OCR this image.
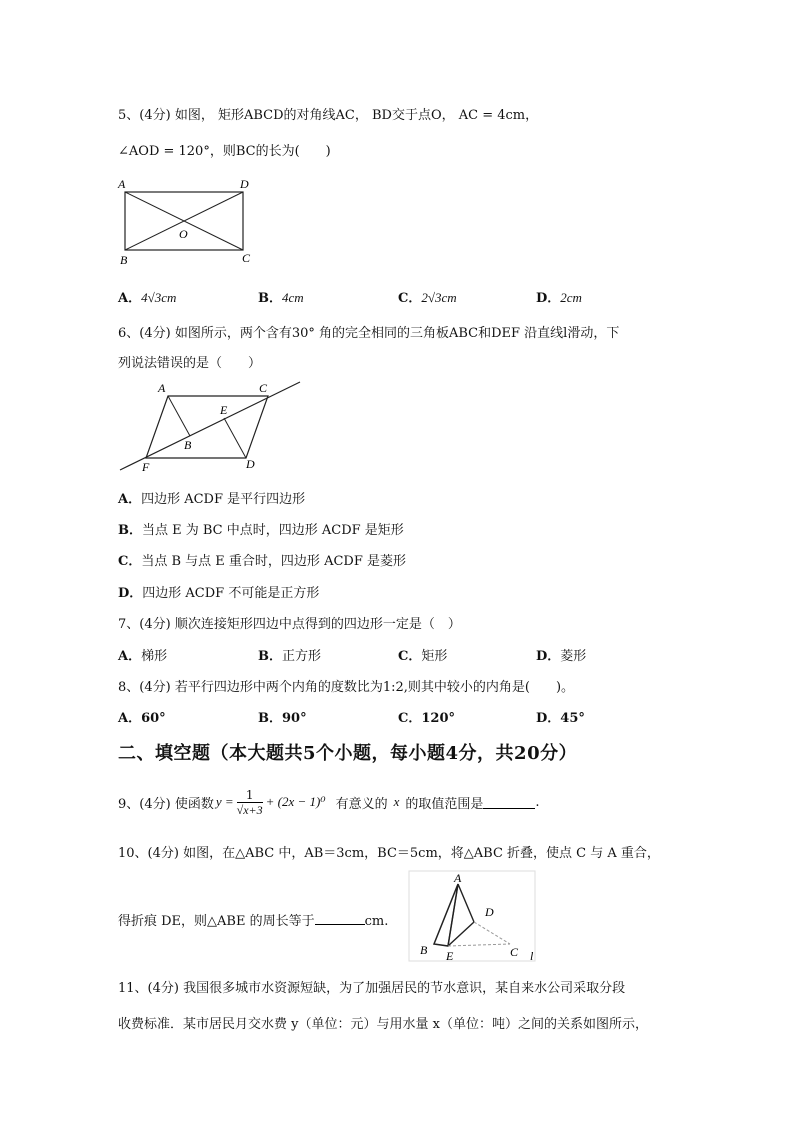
5、(4分) 如图， 矩形ABCD的对角线AC， BD交于点O， AC = 4cm，
∠AOD = 120°，则BC的长为(　　)
A	D
B	C
O
A．4√3cm	B．4cm	C．2√3cm	D．2cm
6、(4分) 如图所示，两个含有30° 角的完全相同的三角板ABC和DEF 沿直线l滑动，下
列说法错误的是（　　）
A	C
E
B
F	D
A．四边形 ACDF 是平行四边形
B．当点 E 为 BC 中点时，四边形 ACDF 是矩形
C．当点 B 与点 E 重合时，四边形 ACDF 是菱形
D．四边形 ACDF 不可能是正方形
7、(4分) 顺次连接矩形四边中点得到的四边形一定是（　）
A．梯形	B．正方形	C．矩形	D．菱形
8、(4分) 若平行四边形中两个内角的度数比为1:2,则其中较小的内角是(　　)。
A．60°	B．90°	C．120°	D．45°
二、填空题（本大题共5个小题，每小题4分，共20分）
9、(4分) 使函数 $y = \frac{1}{√x+3} + (2x - 1)^0$ 有意义的 x 的取值范围是	.
10、(4分) 如图，在△ABC 中，AB＝3cm，BC＝5cm，将△ABC 折叠，使点 C 与 A 重合，
得折痕 DE，则△ABE 的周长等于	cm.
A
D
B E	C l
11、(4分) 我国很多城市水资源短缺，为了加强居民的节水意识，某自来水公司采取分段
收费标准．某市居民月交水费 y（单位：元）与用水量 x（单位：吨）之间的关系如图所示，
